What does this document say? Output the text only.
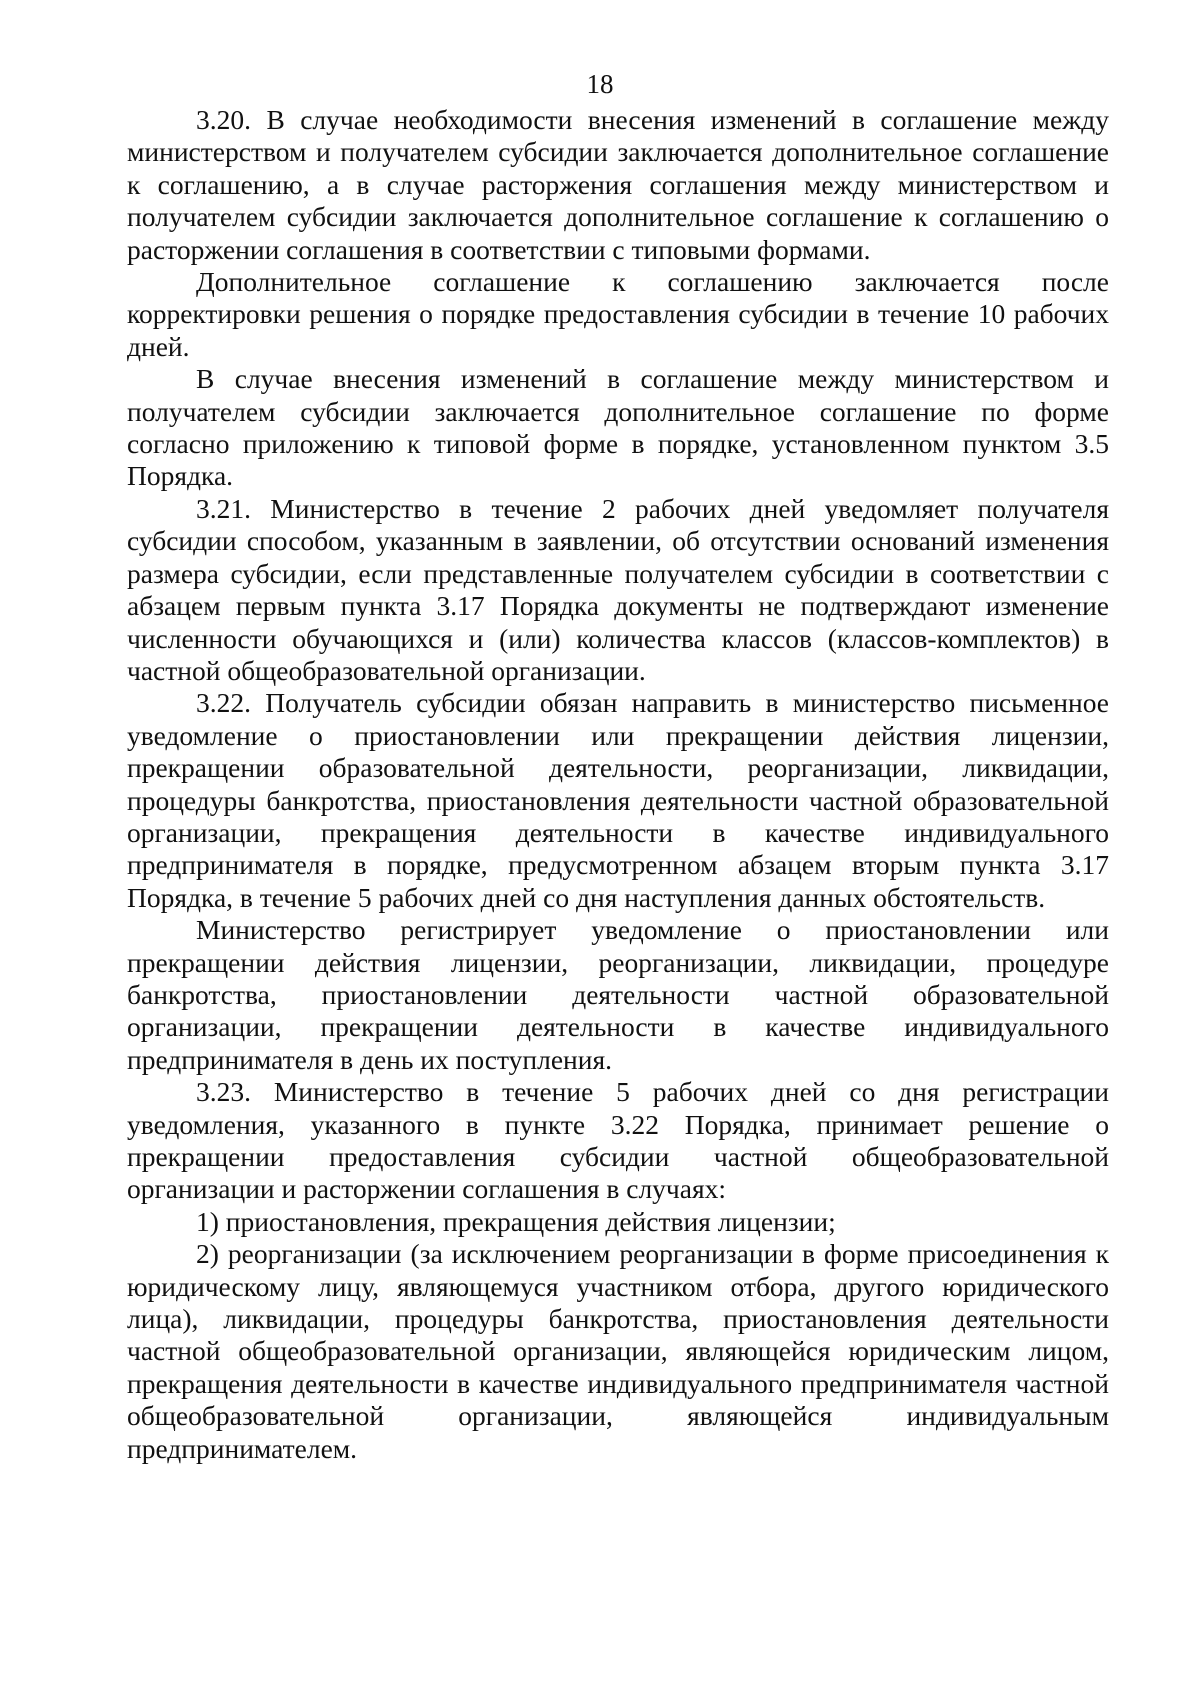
18

3.20. В случае необходимости внесения изменений в соглашение между министерством и получателем субсидии заключается дополнительное соглашение к соглашению, а в случае расторжения соглашения между министерством и получателем субсидии заключается дополнительное соглашение к соглашению о расторжении соглашения в соответствии с типовыми формами.

Дополнительное соглашение к соглашению заключается после корректировки решения о порядке предоставления субсидии в течение 10 рабочих дней.

В случае внесения изменений в соглашение между министерством и получателем субсидии заключается дополнительное соглашение по форме согласно приложению к типовой форме в порядке, установленном пунктом 3.5 Порядка.

3.21. Министерство в течение 2 рабочих дней уведомляет получателя субсидии способом, указанным в заявлении, об отсутствии оснований изменения размера субсидии, если представленные получателем субсидии в соответствии с абзацем первым пункта 3.17 Порядка документы не подтверждают изменение численности обучающихся и (или) количества классов (классов-комплектов) в частной общеобразовательной организации.

3.22. Получатель субсидии обязан направить в министерство письменное уведомление о приостановлении или прекращении действия лицензии, прекращении образовательной деятельности, реорганизации, ликвидации, процедуры банкротства, приостановления деятельности частной образовательной организации, прекращения деятельности в качестве индивидуального предпринимателя в порядке, предусмотренном абзацем вторым пункта 3.17 Порядка, в течение 5 рабочих дней со дня наступления данных обстоятельств.

Министерство регистрирует уведомление о приостановлении или прекращении действия лицензии, реорганизации, ликвидации, процедуре банкротства, приостановлении деятельности частной образовательной организации, прекращении деятельности в качестве индивидуального предпринимателя в день их поступления.

3.23. Министерство в течение 5 рабочих дней со дня регистрации уведомления, указанного в пункте 3.22 Порядка, принимает решение о прекращении предоставления субсидии частной общеобразовательной организации и расторжении соглашения в случаях:

1) приостановления, прекращения действия лицензии;

2) реорганизации (за исключением реорганизации в форме присоединения к юридическому лицу, являющемуся участником отбора, другого юридического лица), ликвидации, процедуры банкротства, приостановления деятельности частной общеобразовательной организации, являющейся юридическим лицом, прекращения деятельности в качестве индивидуального предпринимателя частной общеобразовательной организации, являющейся индивидуальным предпринимателем.
